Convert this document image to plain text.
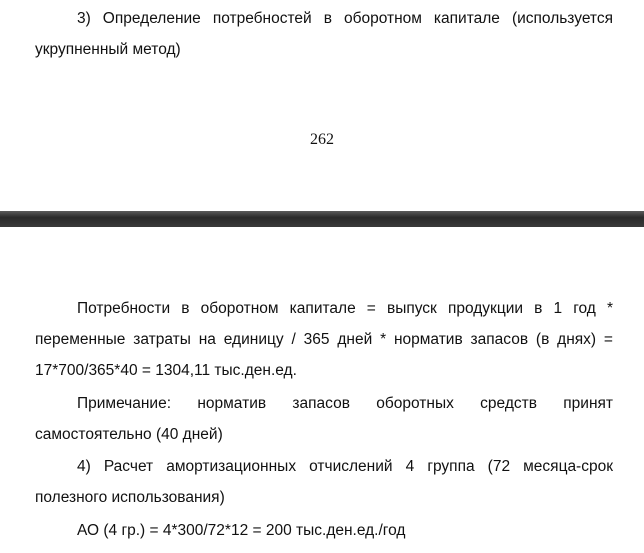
3) Определение потребностей в оборотном капитале (используется
укрупненный метод)
262
Потребности в оборотном капитале = выпуск продукции в 1 год *
переменные затраты на единицу / 365 дней * норматив запасов (в днях) =
17*700/365*40 = 1304,11 тыс.ден.ед.
Примечание: норматив запасов оборотных средств принят
самостоятельно (40 дней)
4) Расчет амортизационных отчислений 4 группа (72 месяца-срок
полезного использования)
АО (4 гр.) = 4*300/72*12 = 200 тыс.ден.ед./год
